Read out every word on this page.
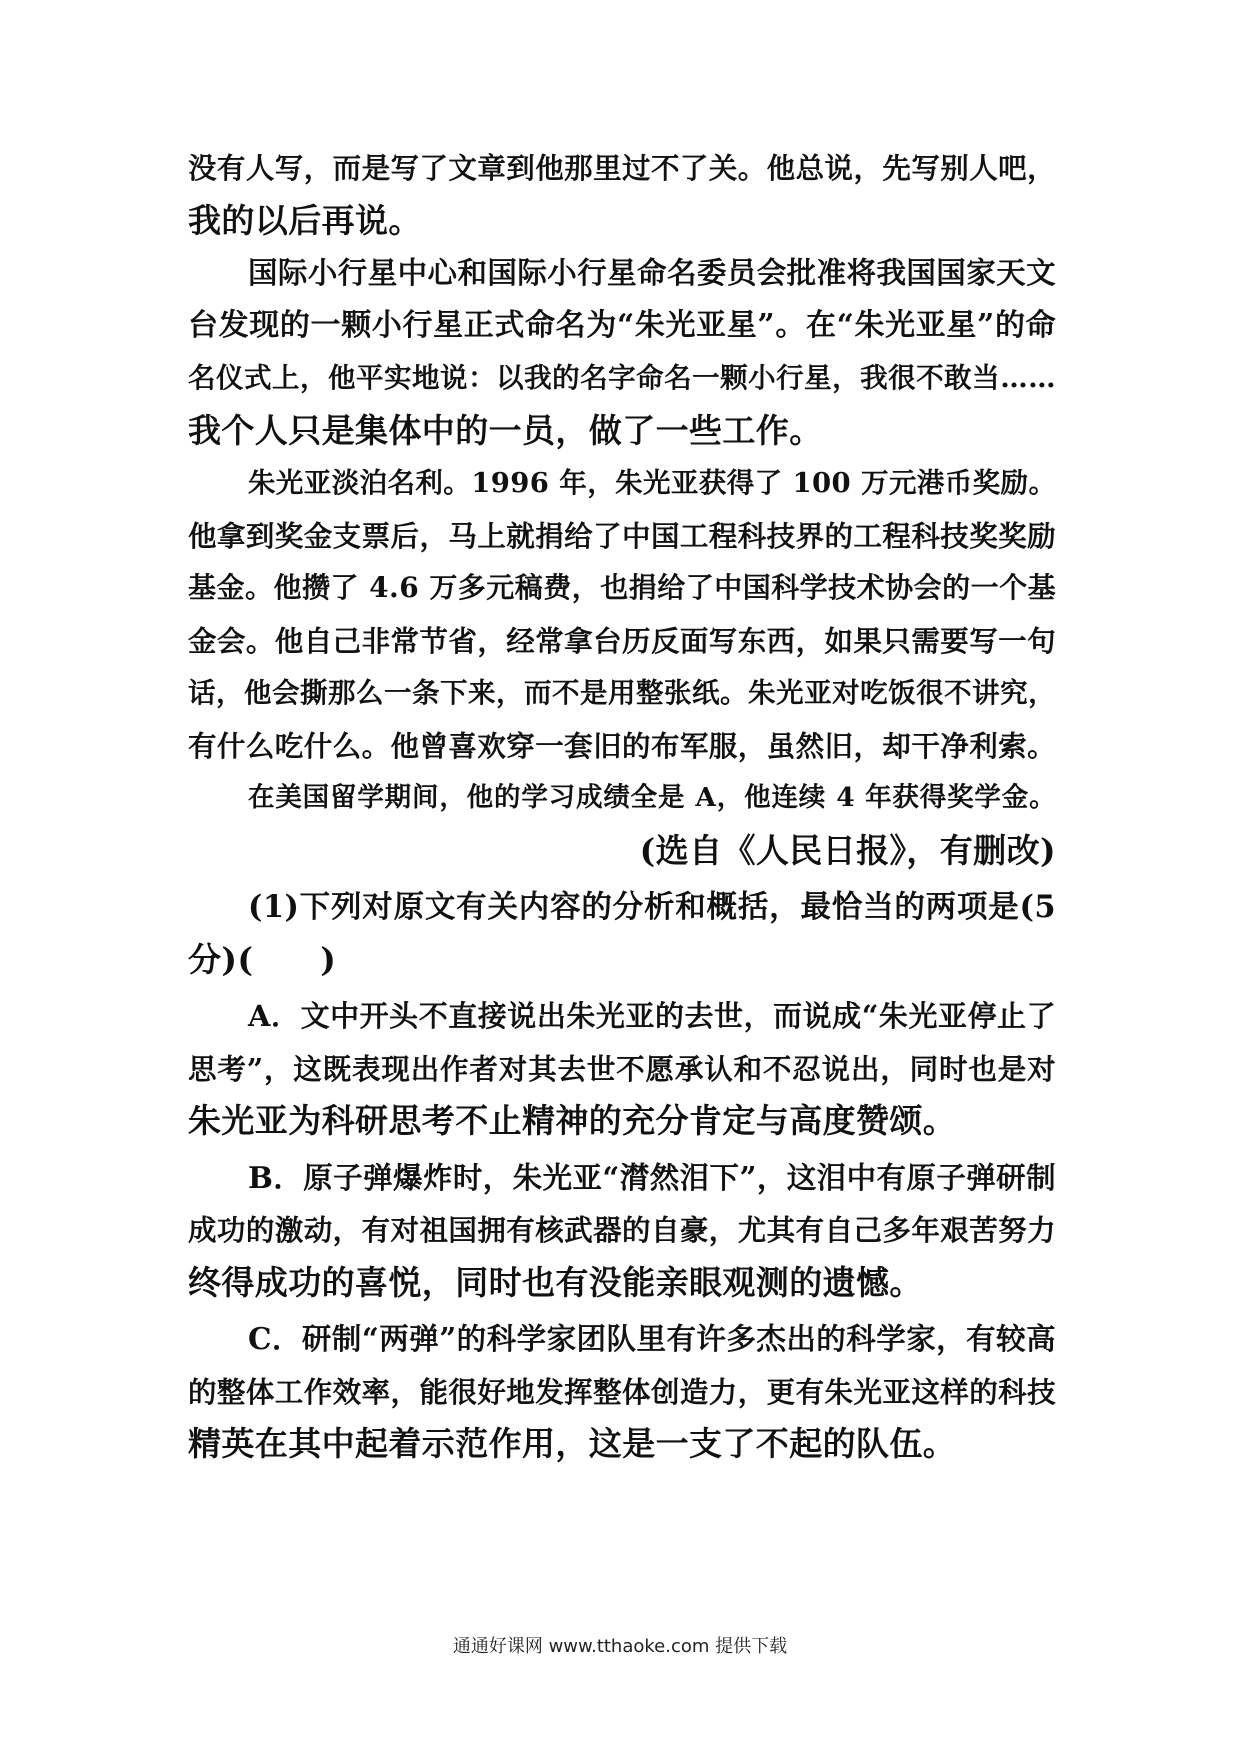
没有人写，而是写了文章到他那里过不了关。他总说，先写别人吧，
我的以后再说。
国际小行星中心和国际小行星命名委员会批准将我国国家天文
台发现的一颗小行星正式命名为“朱光亚星”。在“朱光亚星”的命
名仪式上，他平实地说：以我的名字命名一颗小行星，我很不敢当……
我个人只是集体中的一员，做了一些工作。
朱光亚淡泊名利。1996 年，朱光亚获得了 100 万元港币奖励。
他拿到奖金支票后，马上就捐给了中国工程科技界的工程科技奖奖励
基金。他攒了 4.6 万多元稿费，也捐给了中国科学技术协会的一个基
金会。他自己非常节省，经常拿台历反面写东西，如果只需要写一句
话，他会撕那么一条下来，而不是用整张纸。朱光亚对吃饭很不讲究，
有什么吃什么。他曾喜欢穿一套旧的布军服，虽然旧，却干净利索。
在美国留学期间，他的学习成绩全是 A，他连续 4 年获得奖学金。
(选自《人民日报》，有删改)
(1)下列对原文有关内容的分析和概括，最恰当的两项是(5
分)(　　)
A．文中开头不直接说出朱光亚的去世，而说成“朱光亚停止了
思考”，这既表现出作者对其去世不愿承认和不忍说出，同时也是对
朱光亚为科研思考不止精神的充分肯定与高度赞颂。
B．原子弹爆炸时，朱光亚“潸然泪下”，这泪中有原子弹研制
成功的激动，有对祖国拥有核武器的自豪，尤其有自己多年艰苦努力
终得成功的喜悦，同时也有没能亲眼观测的遗憾。
C．研制“两弹”的科学家团队里有许多杰出的科学家，有较高
的整体工作效率，能很好地发挥整体创造力，更有朱光亚这样的科技
精英在其中起着示范作用，这是一支了不起的队伍。
通通好课网 www.tthaoke.com 提供下载
